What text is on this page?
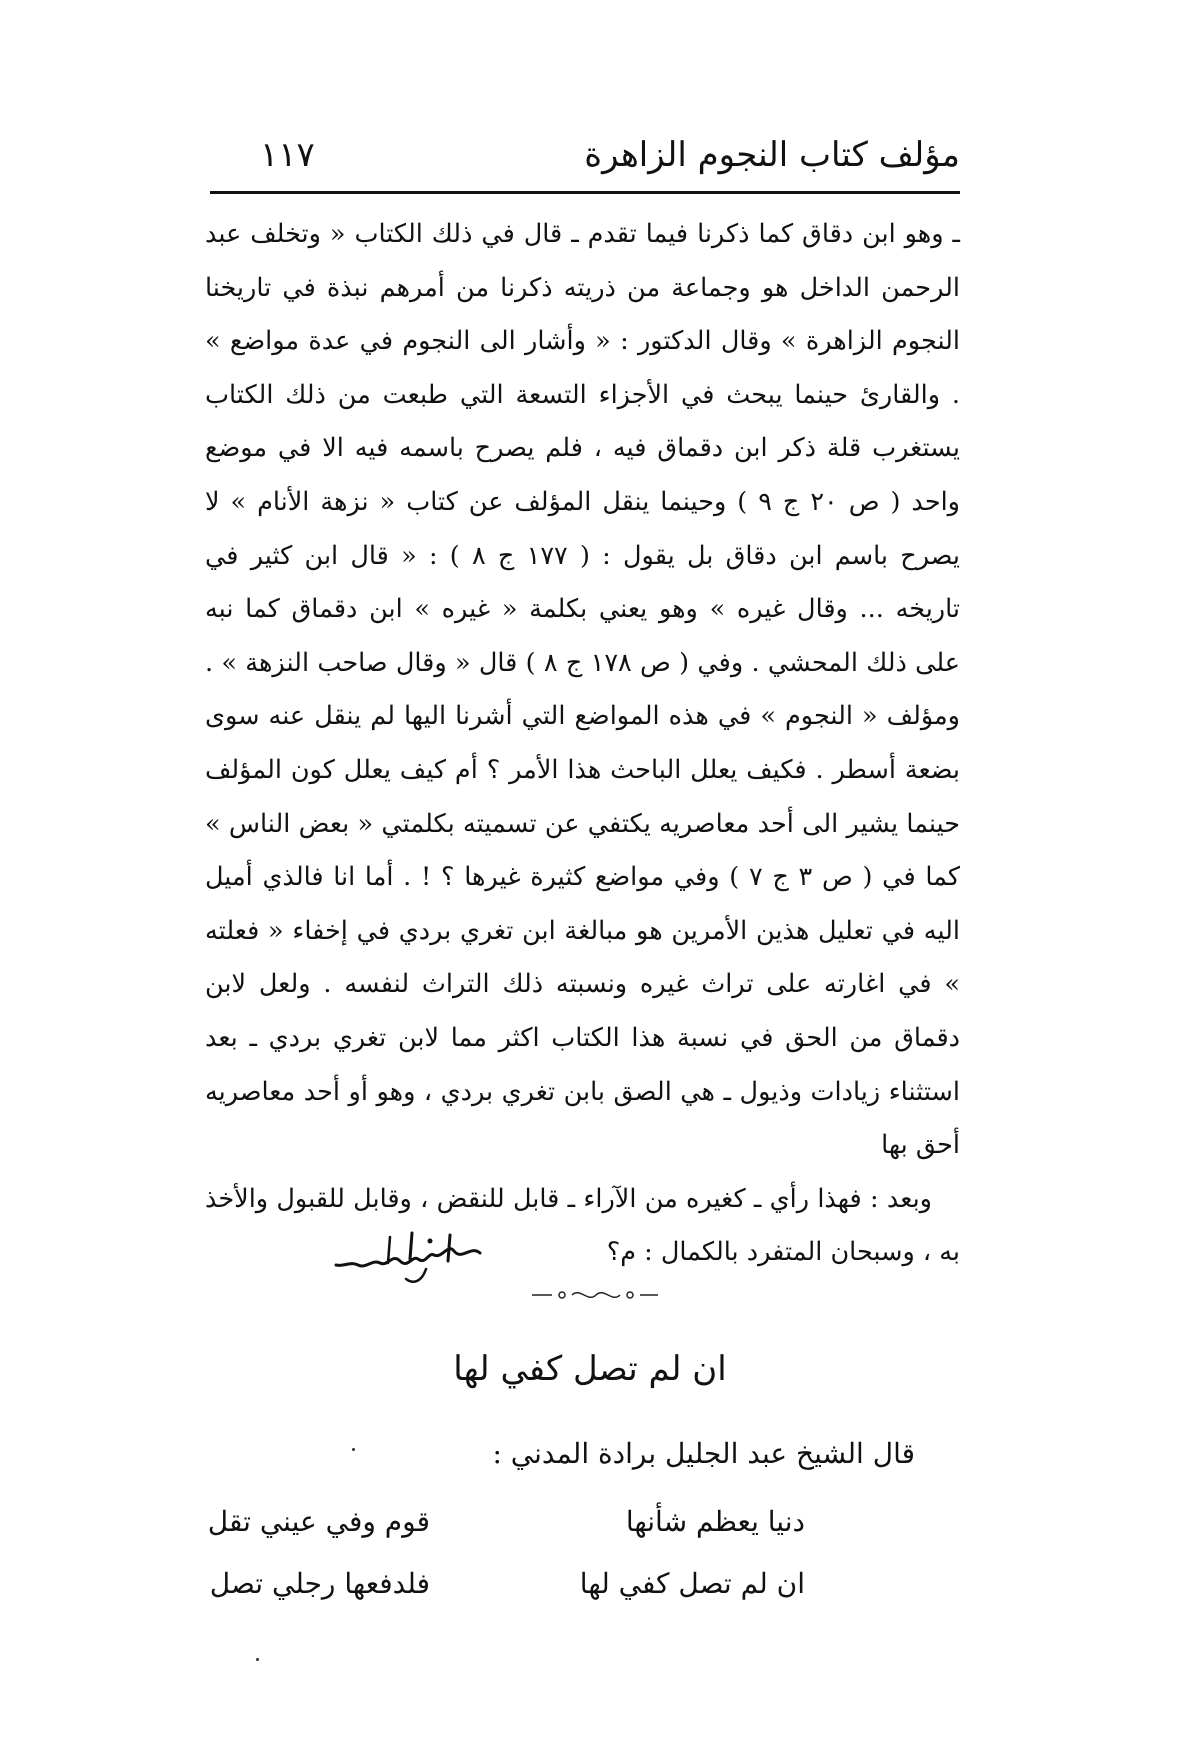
مؤلف كتاب النجوم الزاهرة
١١٧

ـ وهو ابن دقاق كما ذكرنا فيما تقدم ـ قال في ذلك الكتاب « وتخلف عبد الرحمن الداخل هو وجماعة من ذريته ذكرنا من أمرهم نبذة في تاريخنا النجوم الزاهرة » وقال الدكتور : « وأشار الى النجوم في عدة مواضع » . والقارئ حينما يبحث في الأجزاء التسعة التي طبعت من ذلك الكتاب يستغرب قلة ذكر ابن دقماق فيه ، فلم يصرح باسمه فيه الا في موضع واحد ( ص ٢٠ ج ٩ ) وحينما ينقل المؤلف عن كتاب « نزهة الأنام » لا يصرح باسم ابن دقاق بل يقول : ( ١٧٧ ج ٨ ) : « قال ابن كثير في تاريخه ... وقال غيره » وهو يعني بكلمة « غيره » ابن دقماق كما نبه على ذلك المحشي . وفي ( ص ١٧٨ ج ٨ ) قال « وقال صاحب النزهة » . ومؤلف « النجوم » في هذه المواضع التي أشرنا اليها لم ينقل عنه سوى بضعة أسطر . فكيف يعلل الباحث هذا الأمر ؟ أم كيف يعلل كون المؤلف حينما يشير الى أحد معاصريه يكتفي عن تسميته بكلمتي « بعض الناس » كما في ( ص ٣ ج ٧ ) وفي مواضع كثيرة غيرها ؟ ! . أما انا فالذي أميل اليه في تعليل هذين الأمرين هو مبالغة ابن تغري بردي في إخفاء « فعلته » في اغارته على تراث غيره ونسبته ذلك التراث لنفسه . ولعل لابن دقماق من الحق في نسبة هذا الكتاب اكثر مما لابن تغري بردي ـ بعد استثناء زيادات وذيول ـ هي الصق بابن تغري بردي ، وهو أو أحد معاصريه أحق بها

وبعد : فهذا رأي ـ كغيره من الآراء ـ قابل للنقض ، وقابل للقبول والأخذ به ، وسبحان المتفرد بالكمال : م؟

ان لم تصل كفي لها
قال الشيخ عبد الجليل برادة المدني :
دنيا يعظم شأنها
قوم وفي عيني تقل
ان لم تصل كفي لها
فلدفعها رجلي تصل
